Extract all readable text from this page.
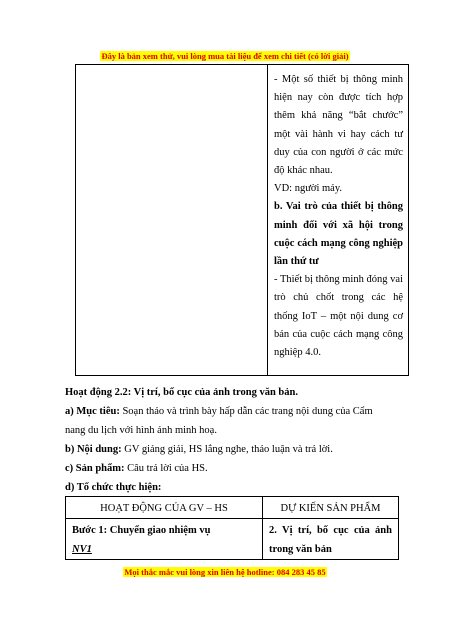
Đây là bản xem thử, vui lòng mua tài liệu để xem chi tiết (có lời giải)

- Một số thiết bị thông minh hiện nay còn được tích hợp thêm khả năng “bắt chước” một vài hành vi hay cách tư duy của con người ở các mức độ khác nhau.

VD: người máy.

b. Vai trò của thiết bị thông minh đối với xã hội trong cuộc cách mạng công nghiệp lần thứ tư

- Thiết bị thông minh đóng vai trò chủ chốt trong các hệ thống IoT – một nội dung cơ bản của cuộc cách mạng công nghiệp 4.0.

Hoạt động 2.2: Vị trí, bố cục của ảnh trong văn bản.

a) Mục tiêu: Soạn thảo và trình bày hấp dẫn các trang nội dung của Cẩm nang du lịch với hình ảnh minh hoạ.

b) Nội dung: GV giảng giải, HS lắng nghe, thảo luận và trả lời.

c) Sản phẩm: Câu trả lời của HS.

d) Tổ chức thực hiện:

HOẠT ĐỘNG CỦA GV – HS	DỰ KIẾN SẢN PHẨM

Bước 1: Chuyển giao nhiệm vụ
NV1	2. Vị trí, bố cục của ảnh trong văn bản
Mọi thắc mắc vui lòng xin liên hệ hotline: 084 283 45 85
